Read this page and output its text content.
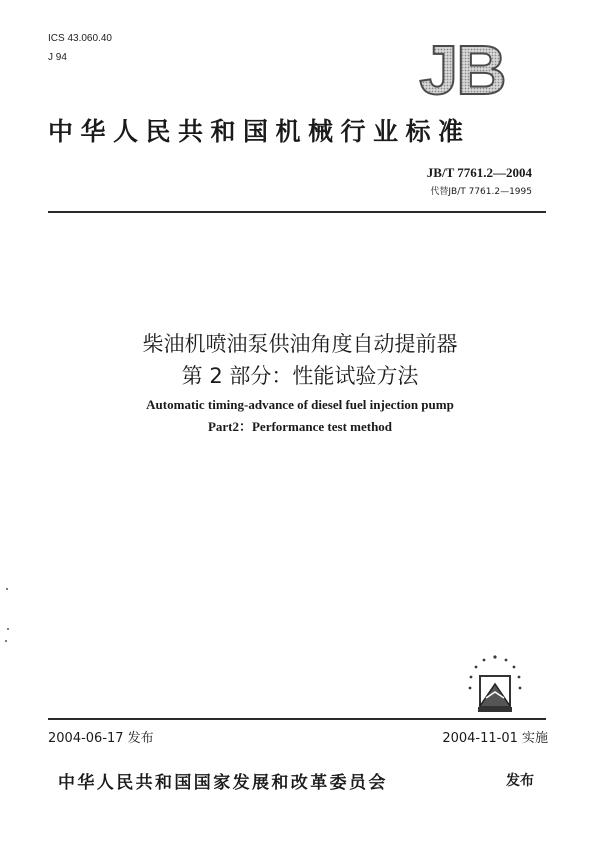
ICS 43.060.40
J 94	JB
中华人民共和国机械行业标准
JB/T 7761.2—2004
代替JB/T 7761.2—1995
柴油机喷油泵供油角度自动提前器
第 2 部分：性能试验方法
Automatic timing-advance of diesel fuel injection pump
Part2：Performance test method
2004-06-17 发布	2004-11-01 实施
中华人民共和国国家发展和改革委员会	发布
